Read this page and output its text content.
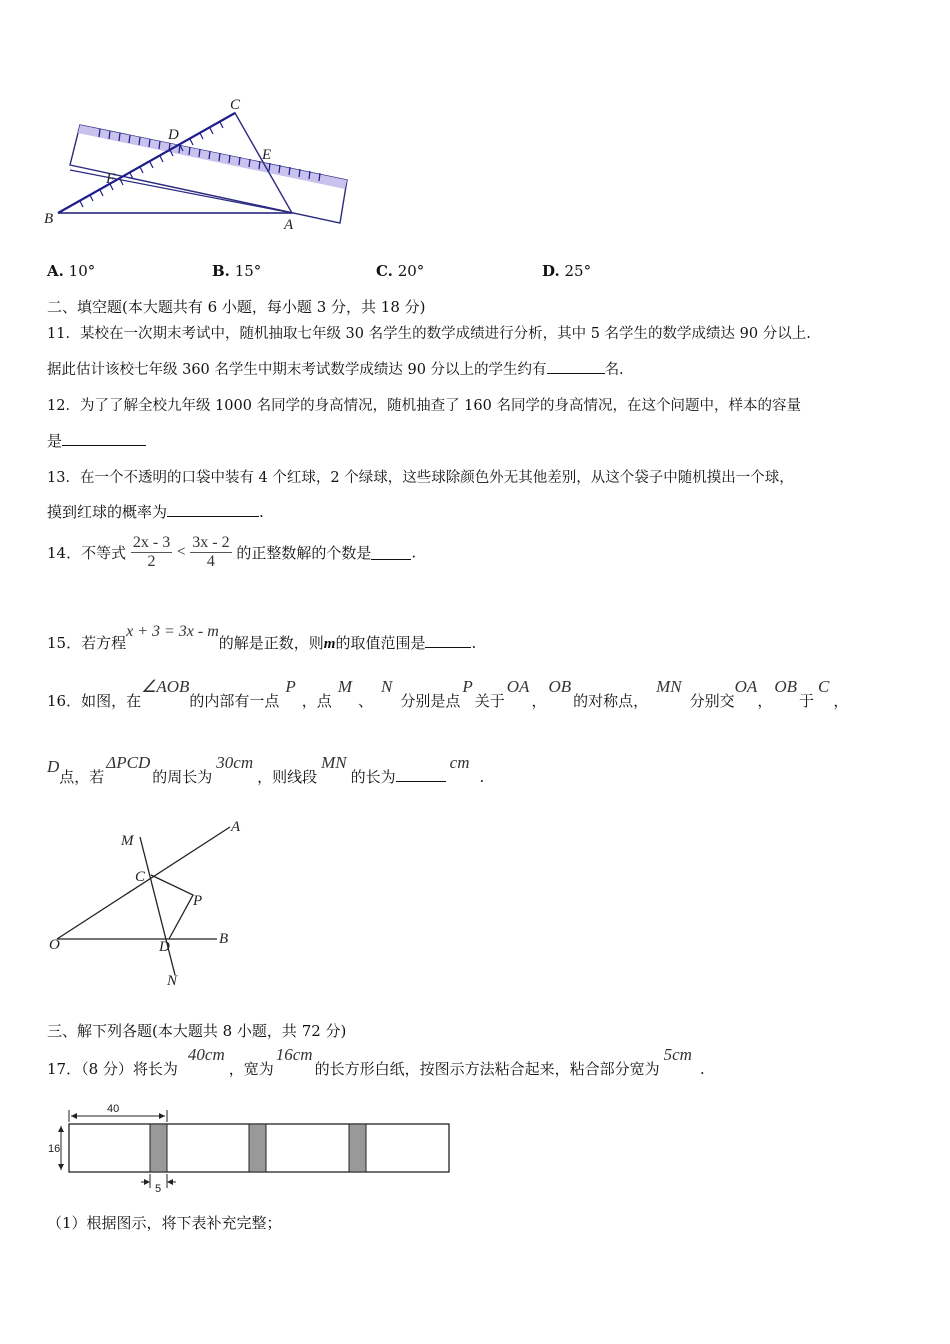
C
D
E
F
B	A
A. 10°	B. 15°	C. 20°	D. 25°
二、填空题(本大题共有 6 小题，每小题 3 分，共 18 分)
11．某校在一次期末考试中，随机抽取七年级 30 名学生的数学成绩进行分析，其中 5 名学生的数学成绩达 90 分以上.
据此估计该校七年级 360 名学生中期末考试数学成绩达 90 分以上的学生约有	名.
12．为了了解全校九年级 1000 名同学的身高情况，随机抽查了 160 名同学的身高情况，在这个问题中，样本的容量
是
13．在一个不透明的口袋中装有 4 个红球，2 个绿球，这些球除颜色外无其他差别，从这个袋子中随机摸出一个球，
摸到红球的概率为	.
14．不等式 $\frac{2x - 3}{2} < \frac{3x - 2}{4}$ 的正整数解的个数是	.
15．若方程x + 3 = 3x - m的解是正数，则m的取值范围是	.
16．如图，在∠AOB的内部有一点P，点M、N分别是点P关于OA，OB的对称点，MN分别交OA，OB于C，
D点，若ΔPCD的周长为30cm，则线段MN的长为cm.
M
A
C
P
O	D	B
N
三、解下列各题(本大题共 8 小题，共 72 分)
17．（8 分）将长为40cm，宽为16cm的长方形白纸，按图示方法粘合起来，粘合部分宽为5cm.
40
16
5
（1）根据图示，将下表补充完整；
